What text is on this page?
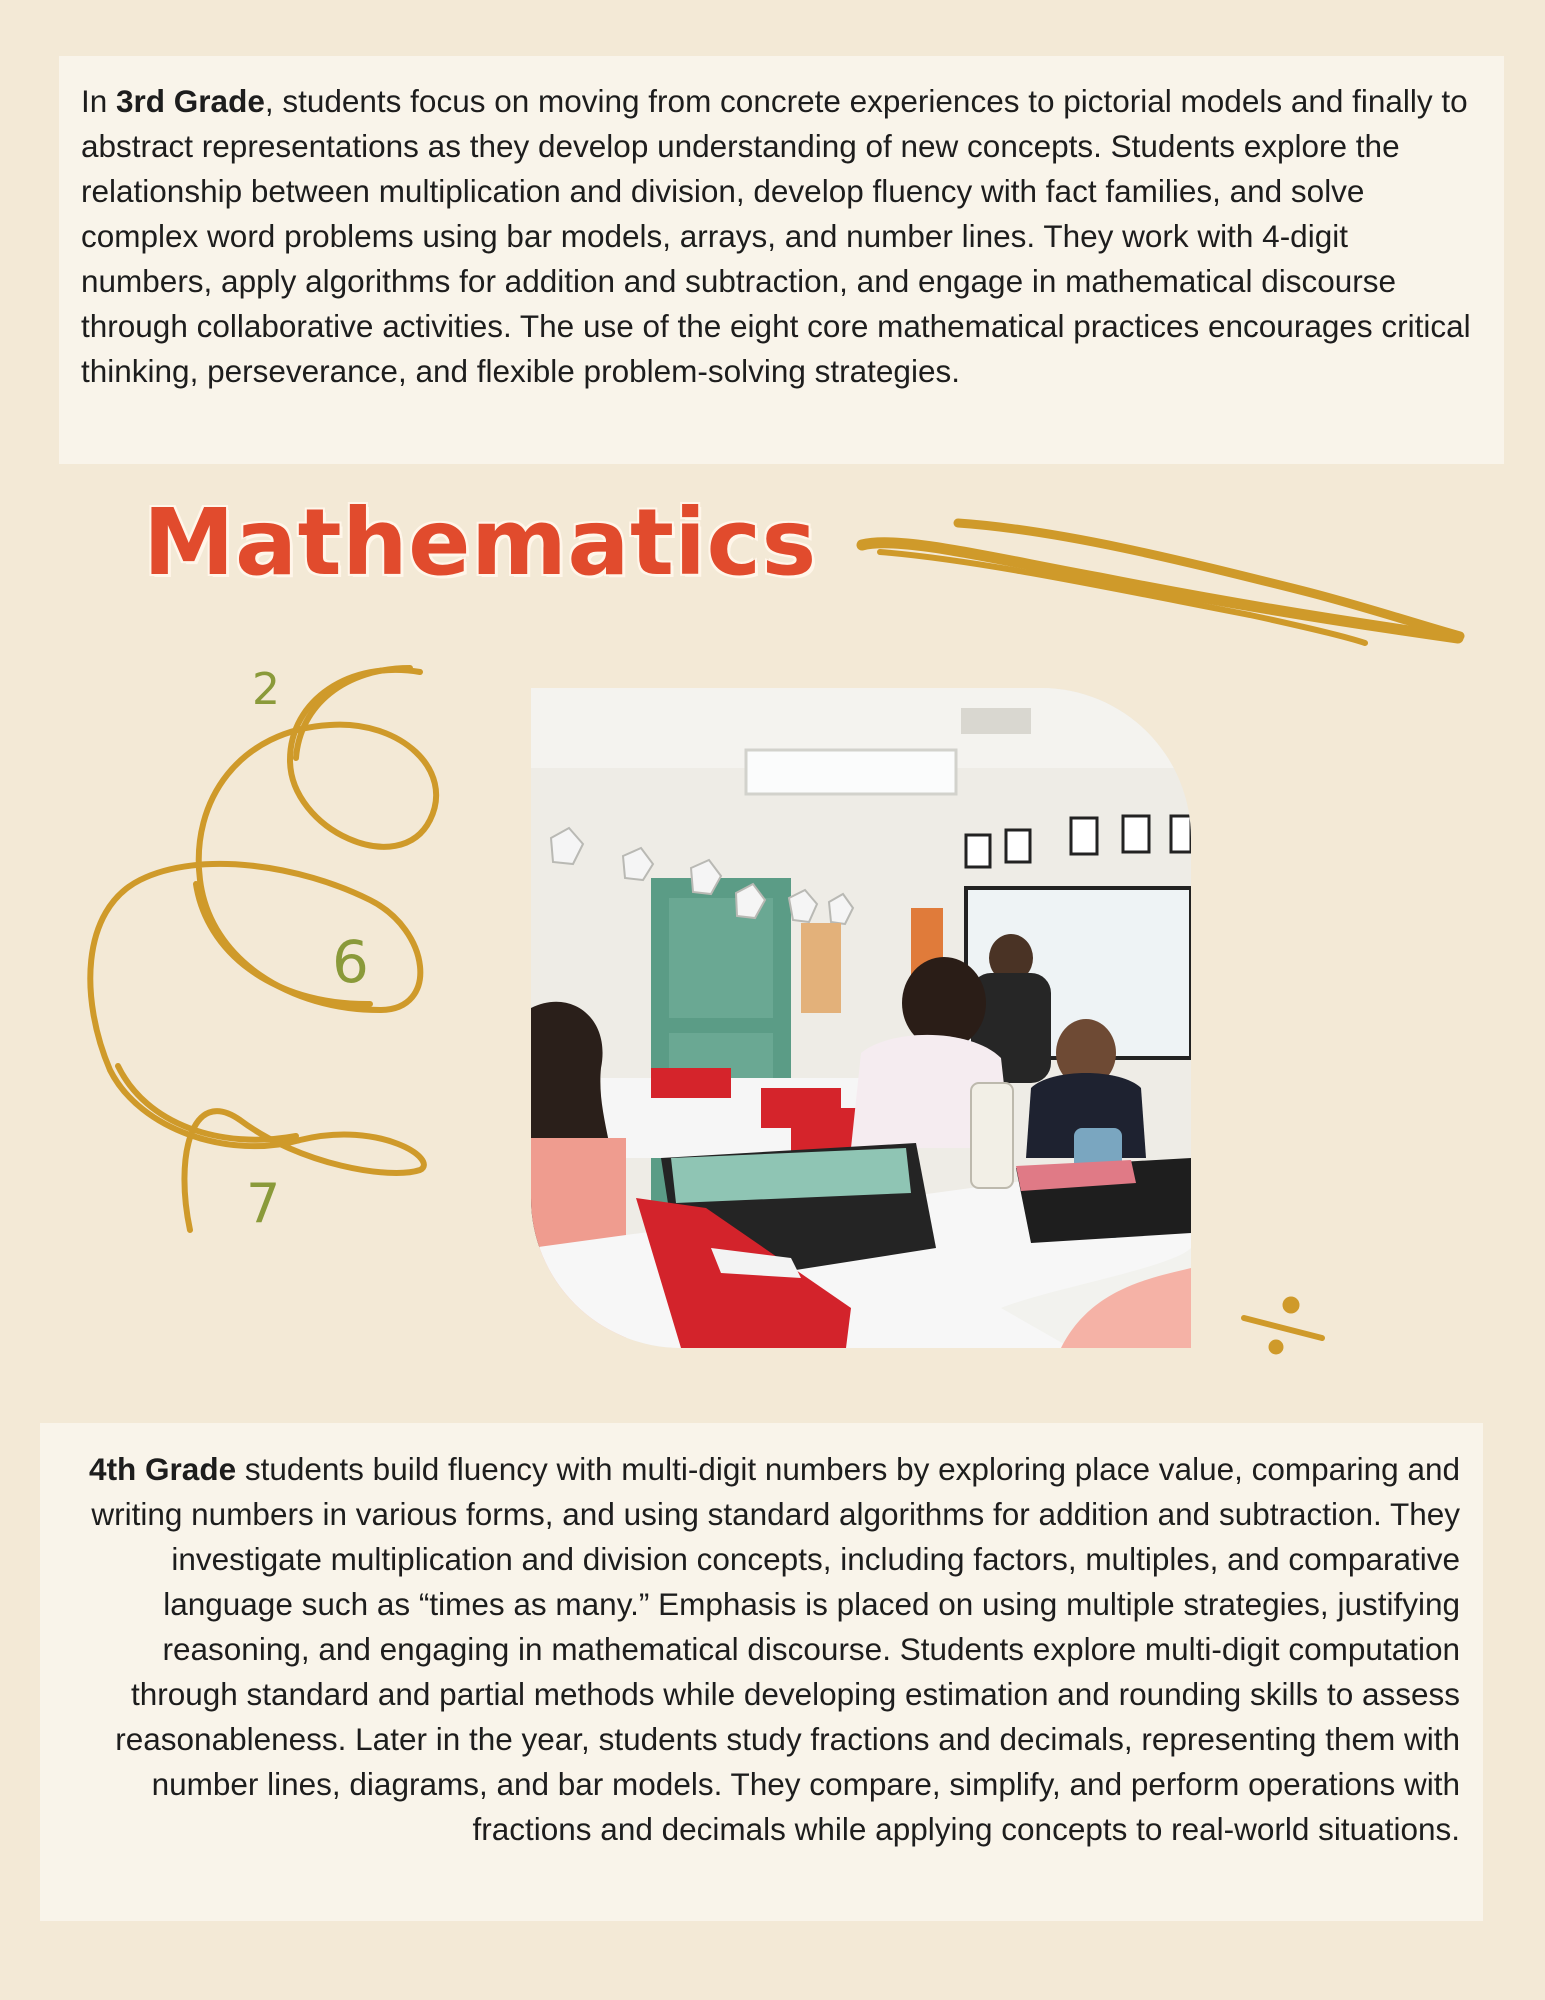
In 3rd Grade, students focus on moving from concrete experiences to pictorial models and finally to abstract representations as they develop understanding of new concepts. Students explore the relationship between multiplication and division, develop fluency with fact families, and solve complex word problems using bar models, arrays, and number lines. They work with 4-digit numbers, apply algorithms for addition and subtraction, and engage in mathematical discourse through collaborative activities. The use of the eight core mathematical practices encourages critical thinking, perseverance, and flexible problem-solving strategies.
Mathematics
2
6
7
4th Grade students build fluency with multi-digit numbers by exploring place value, comparing and writing numbers in various forms, and using standard algorithms for addition and subtraction. They investigate multiplication and division concepts, including factors, multiples, and comparative language such as “times as many.” Emphasis is placed on using multiple strategies, justifying reasoning, and engaging in mathematical discourse. Students explore multi-digit computation through standard and partial methods while developing estimation and rounding skills to assess reasonableness. Later in the year, students study fractions and decimals, representing them with number lines, diagrams, and bar models. They compare, simplify, and perform operations with fractions and decimals while applying concepts to real-world situations.
